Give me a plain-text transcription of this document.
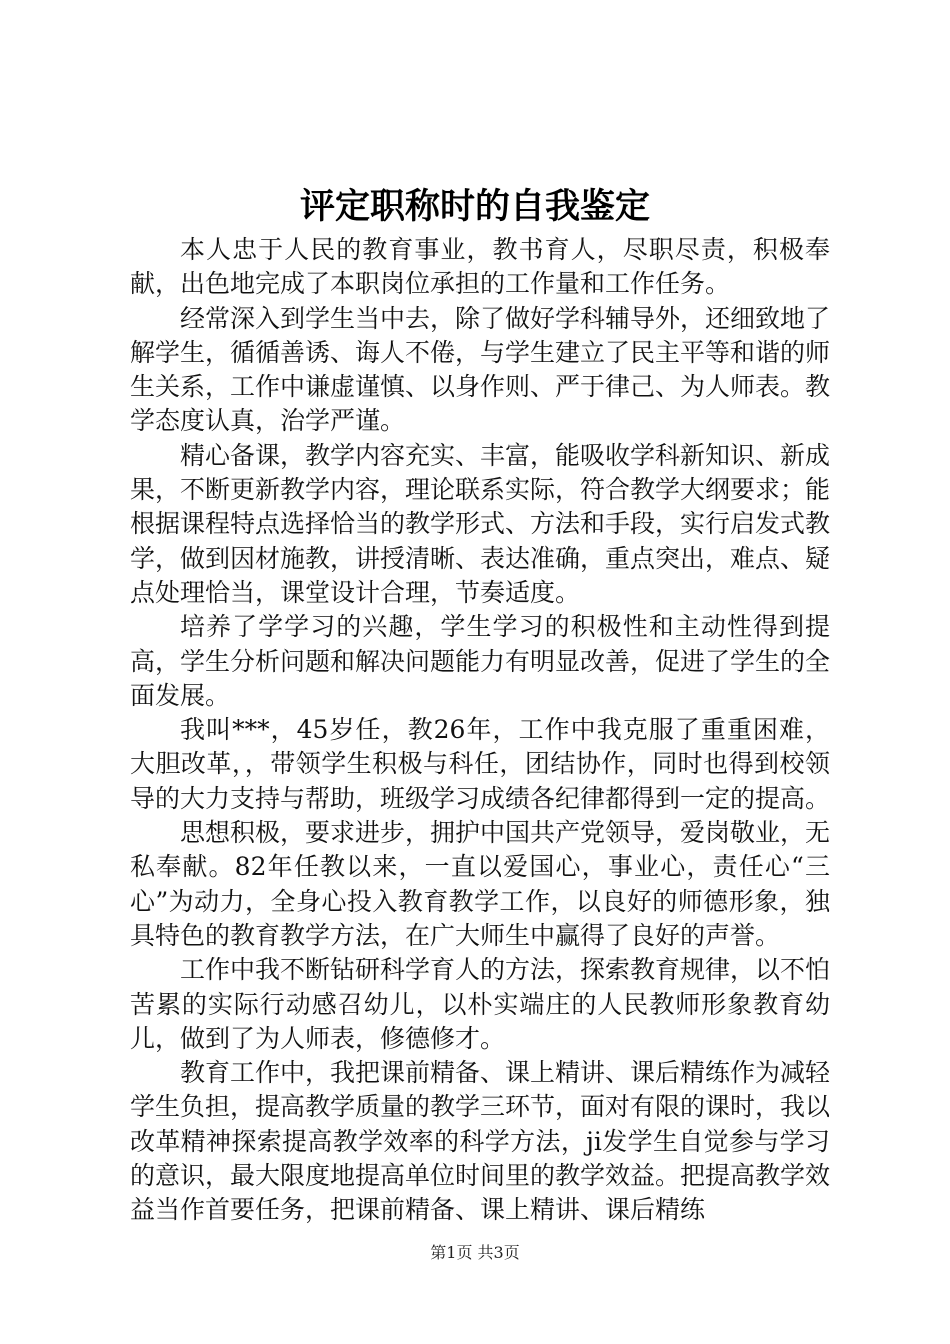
评定职称时的自我鉴定

本人忠于人民的教育事业，教书育人，尽职尽责，积极奉献，出色地完成了本职岗位承担的工作量和工作任务。

经常深入到学生当中去，除了做好学科辅导外，还细致地了解学生，循循善诱、诲人不倦，与学生建立了民主平等和谐的师生关系，工作中谦虚谨慎、以身作则、严于律己、为人师表。教学态度认真，治学严谨。

精心备课，教学内容充实、丰富，能吸收学科新知识、新成果，不断更新教学内容，理论联系实际，符合教学大纲要求；能根据课程特点选择恰当的教学形式、方法和手段，实行启发式教学，做到因材施教，讲授清晰、表达准确，重点突出，难点、疑点处理恰当，课堂设计合理，节奏适度。

培养了学学习的兴趣，学生学习的积极性和主动性得到提高，学生分析问题和解决问题能力有明显改善，促进了学生的全面发展。

我叫***，45岁任，教26年，工作中我克服了重重困难，大胆改革，，带领学生积极与科任，团结协作，同时也得到校领导的大力支持与帮助，班级学习成绩各纪律都得到一定的提高。

思想积极，要求进步，拥护中国共产党领导，爱岗敬业，无私奉献。82年任教以来，一直以爱国心，事业心，责任心“三心”为动力，全身心投入教育教学工作，以良好的师德形象，独具特色的教育教学方法，在广大师生中赢得了良好的声誉。

工作中我不断钻研科学育人的方法，探索教育规律，以不怕苦累的实际行动感召幼儿，以朴实端庄的人民教师形象教育幼儿，做到了为人师表，修德修才。

教育工作中，我把课前精备、课上精讲、课后精练作为减轻学生负担，提高教学质量的教学三环节，面对有限的课时，我以改革精神探索提高教学效率的科学方法，ji发学生自觉参与学习的意识，最大限度地提高单位时间里的教学效益。把提高教学效益当作首要任务，把课前精备、课上精讲、课后精练

第1页 共3页
